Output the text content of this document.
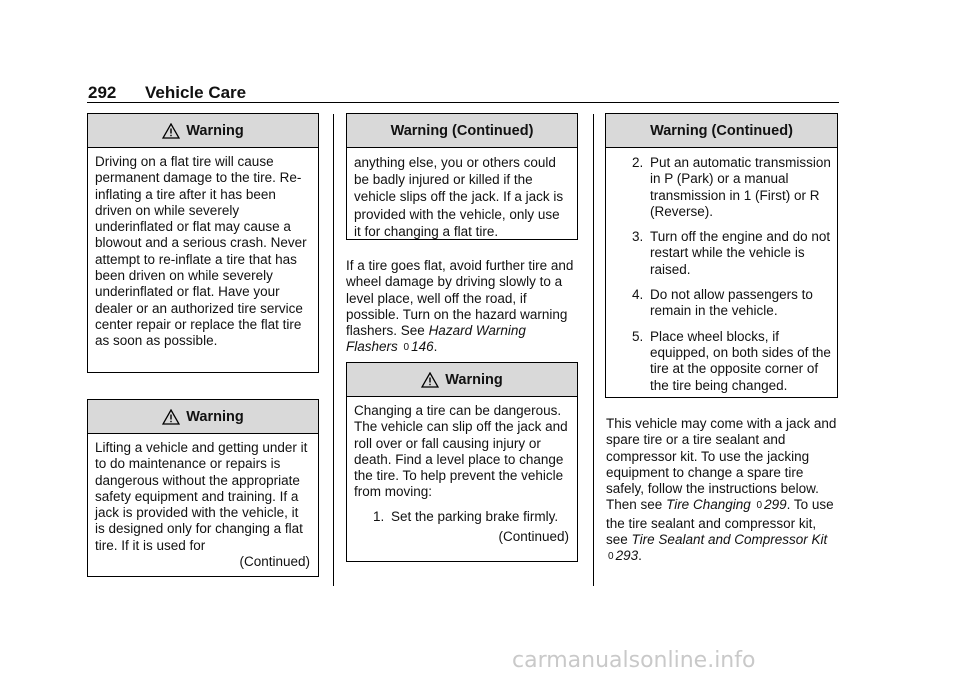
292 Vehicle Care
Warning
Driving on a flat tire will cause permanent damage to the tire. Re-inflating a tire after it has been driven on while severely underinflated or flat may cause a blowout and a serious crash. Never attempt to re-inflate a tire that has been driven on while severely underinflated or flat. Have your dealer or an authorized tire service center repair or replace the flat tire as soon as possible.
Warning
Lifting a vehicle and getting under it to do maintenance or repairs is dangerous without the appropriate safety equipment and training. If a jack is provided with the vehicle, it is designed only for changing a flat tire. If it is used for
(Continued)
Warning (Continued)
anything else, you or others could be badly injured or killed if the vehicle slips off the jack. If a jack is provided with the vehicle, only use it for changing a flat tire.
If a tire goes flat, avoid further tire and wheel damage by driving slowly to a level place, well off the road, if possible. Turn on the hazard warning flashers. See Hazard Warning Flashers 0 146.
Warning
Changing a tire can be dangerous. The vehicle can slip off the jack and roll over or fall causing injury or death. Find a level place to change the tire. To help prevent the vehicle from moving:
1. Set the parking brake firmly.
(Continued)
Warning (Continued)
2. Put an automatic transmission in P (Park) or a manual transmission in 1 (First) or R (Reverse).
3. Turn off the engine and do not restart while the vehicle is raised.
4. Do not allow passengers to remain in the vehicle.
5. Place wheel blocks, if equipped, on both sides of the tire at the opposite corner of the tire being changed.
This vehicle may come with a jack and spare tire or a tire sealant and compressor kit. To use the jacking equipment to change a spare tire safely, follow the instructions below. Then see Tire Changing 0 299. To use the tire sealant and compressor kit, see Tire Sealant and Compressor Kit 0 293.
carmanualsonline.info
